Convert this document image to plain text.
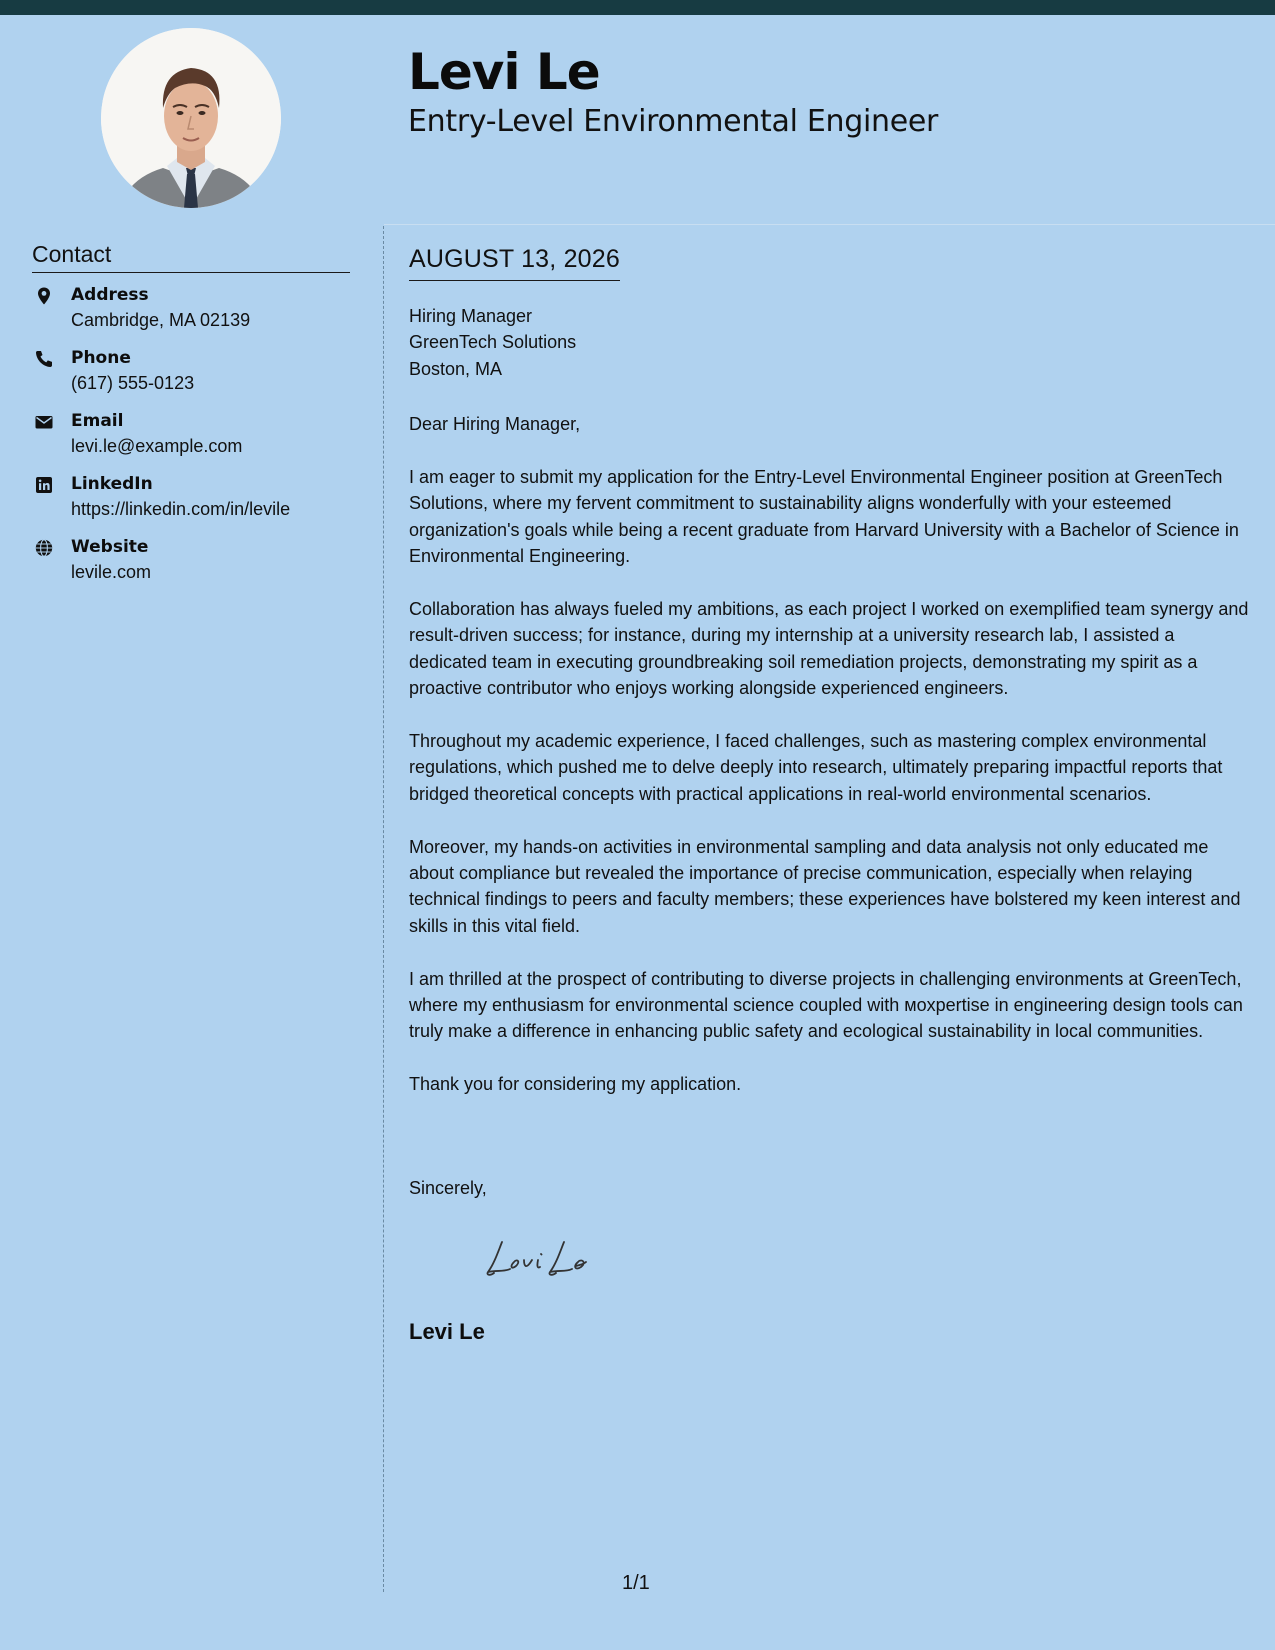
Levi Le
Entry-Level Environmental Engineer
Contact
Address
Cambridge, MA 02139
Phone
(617) 555-0123
Email
levi.le@example.com
LinkedIn
https://linkedin.com/in/levile
Website
levile.com
AUGUST 13, 2026
Hiring Manager
GreenTech Solutions
Boston, MA
Dear Hiring Manager,

I am eager to submit my application for the Entry-Level Environmental Engineer position at GreenTech Solutions, where my fervent commitment to sustainability aligns wonderfully with your esteemed organization's goals while being a recent graduate from Harvard University with a Bachelor of Science in Environmental Engineering.

Collaboration has always fueled my ambitions, as each project I worked on exemplified team synergy and result-driven success; for instance, during my internship at a university research lab, I assisted a dedicated team in executing groundbreaking soil remediation projects, demonstrating my spirit as a proactive contributor who enjoys working alongside experienced engineers.

Throughout my academic experience, I faced challenges, such as mastering complex environmental regulations, which pushed me to delve deeply into research, ultimately preparing impactful reports that bridged theoretical concepts with practical applications in real-world environmental scenarios.

Moreover, my hands-on activities in environmental sampling and data analysis not only educated me about compliance but revealed the importance of precise communication, especially when relaying technical findings to peers and faculty members; these experiences have bolstered my keen interest and skills in this vital field.

I am thrilled at the prospect of contributing to diverse projects in challenging environments at GreenTech, where my enthusiasm for environmental science coupled with ᴍoxpertise in engineering design tools can truly make a difference in enhancing public safety and ecological sustainability in local communities.

Thank you for considering my application.

Sincerely,
Levi Le
1/1
